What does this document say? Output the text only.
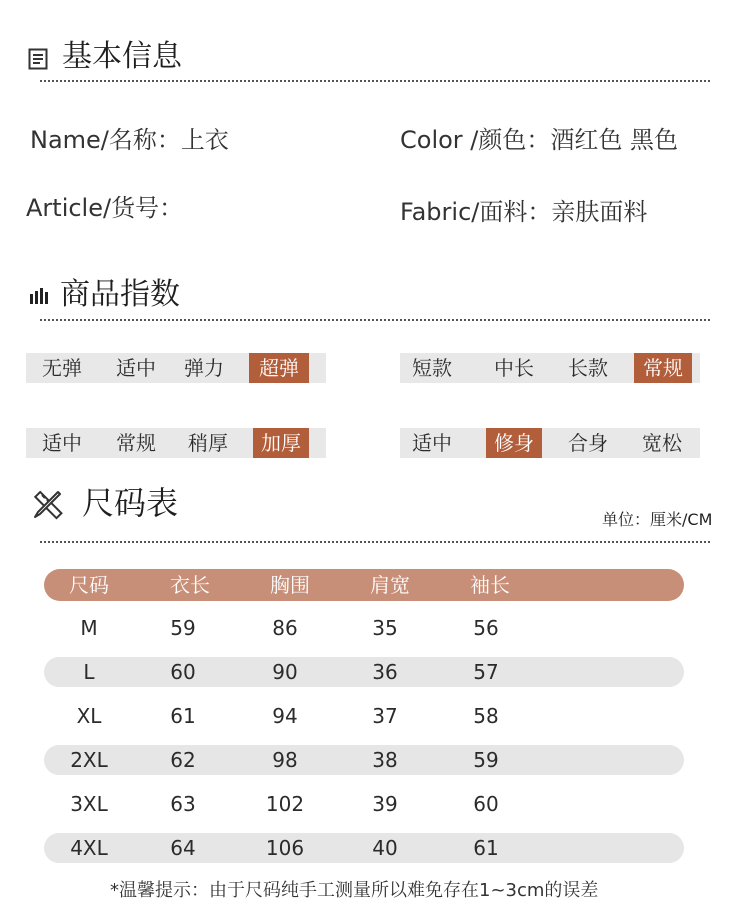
基本信息
Name/名称：上衣	Color /颜色：酒红色 黑色
Article/货号：	Fabric/面料：亲肤面料
商品指数
无弹	适中	弹力	超弹	短款	中长	长款	常规
适中	常规	稍厚	加厚	适中	修身	合身	宽松
尺码表	单位：厘米/CM
尺码	衣长	胸围	肩宽	袖长
M	59	86	35	56
L	60	90	36	57
XL	61	94	37	58
2XL	62	98	38	59
3XL	63	102	39	60
4XL	64	106	40	61
*温馨提示：由于尺码纯手工测量所以难免存在1~3cm的误差
